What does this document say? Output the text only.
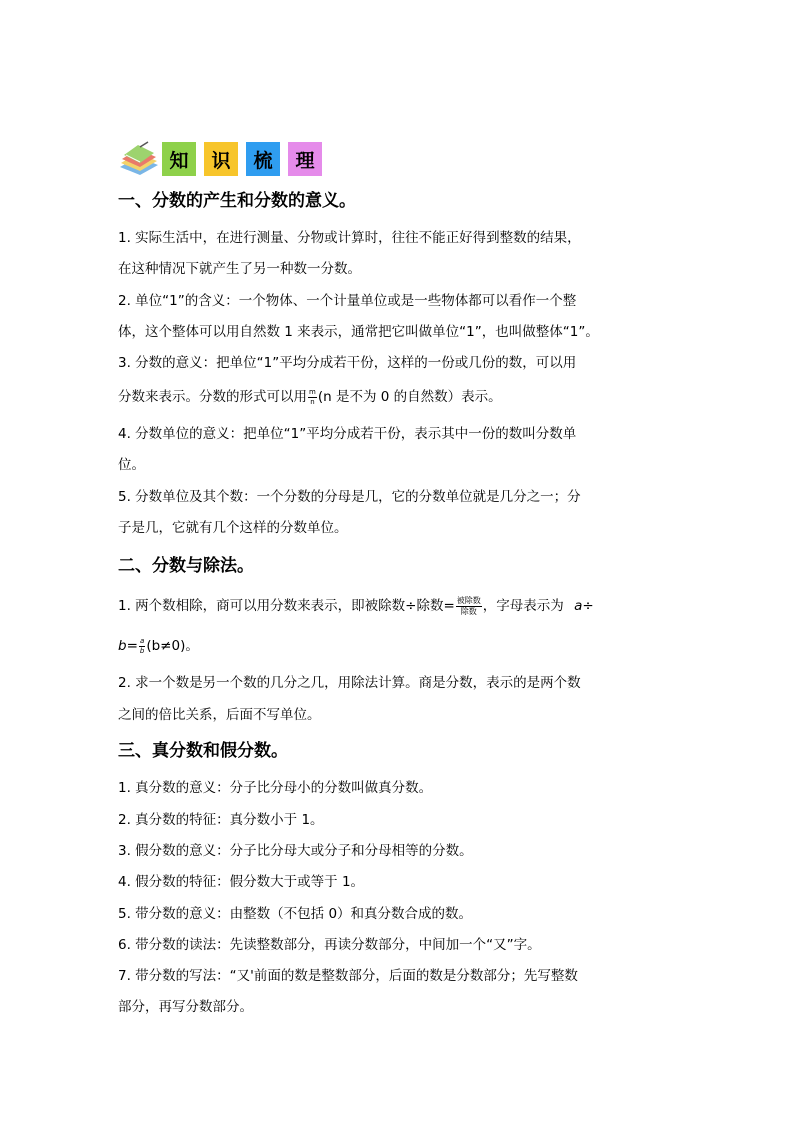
知 识 梳 理
一、分数的产生和分数的意义。
1. 实际生活中，在进行测量、分物或计算时，往往不能正好得到整数的结果，
在这种情况下就产生了另一种数一分数。
2. 单位“1”的含义：一个物体、一个计量单位或是一些物体都可以看作一个整
体，这个整体可以用自然数 1 来表示，通常把它叫做单位“1”，也叫做整体“1”。
3. 分数的意义：把单位“1”平均分成若干份，这样的一份或几份的数，可以用
分数来表示。分数的形式可以用 $\frac{m}{n} (n$ 是不为 0 的自然数）表示。
4. 分数单位的意义：把单位“1”平均分成若干份，表示其中一份的数叫分数单
位。
5. 分数单位及其个数：一个分数的分母是几，它的分数单位就是几分之一；分
子是几，它就有几个这样的分数单位。
二、分数与除法。
1. 两个数相除，商可以用分数来表示，即被除数÷除数= $\frac{\text{被除数}}{\text{除数}}$ ，字母表示为 a÷
$b= \frac{a}{b} (b\ne 0)$。
2. 求一个数是另一个数的几分之几，用除法计算。商是分数，表示的是两个数
之间的倍比关系，后面不写单位。
三、真分数和假分数。
1. 真分数的意义：分子比分母小的分数叫做真分数。
2. 真分数的特征：真分数小于 1。
3. 假分数的意义：分子比分母大或分子和分母相等的分数。
4. 假分数的特征：假分数大于或等于 1。
5. 带分数的意义：由整数（不包括 0）和真分数合成的数。
6. 带分数的读法：先读整数部分，再读分数部分，中间加一个“又”字。
7. 带分数的写法：“又'前面的数是整数部分，后面的数是分数部分；先写整数
部分，再写分数部分。
